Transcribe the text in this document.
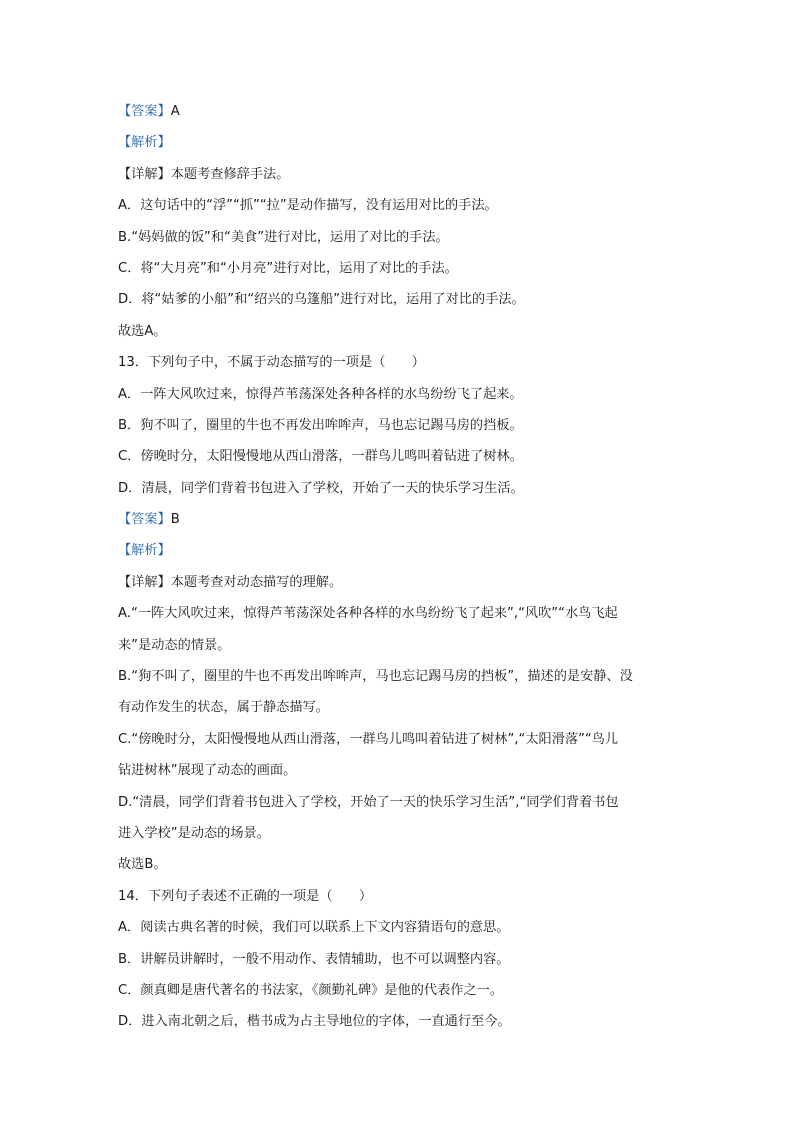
【答案】A
【解析】
【详解】本题考查修辞手法。
A．这句话中的“浮”“抓”“拉”是动作描写，没有运用对比的手法。
B.“妈妈做的饭”和“美食”进行对比，运用了对比的手法。
C．将“大月亮”和“小月亮”进行对比，运用了对比的手法。
D．将“姑爹的小船”和“绍兴的乌篷船”进行对比，运用了对比的手法。
故选A。
13．下列句子中，不属于动态描写的一项是（　　）
A．一阵大风吹过来，惊得芦苇荡深处各种各样的水鸟纷纷飞了起来。
B．狗不叫了，圈里的牛也不再发出哞哞声，马也忘记踢马房的挡板。
C．傍晚时分，太阳慢慢地从西山滑落，一群鸟儿鸣叫着钻进了树林。
D．清晨，同学们背着书包进入了学校，开始了一天的快乐学习生活。
【答案】B
【解析】
【详解】本题考查对动态描写的理解。
A.“一阵大风吹过来，惊得芦苇荡深处各种各样的水鸟纷纷飞了起来”,“风吹”“水鸟飞起
来”是动态的情景。
B.“狗不叫了，圈里的牛也不再发出哞哞声，马也忘记踢马房的挡板”，描述的是安静、没
有动作发生的状态，属于静态描写。
C.“傍晚时分，太阳慢慢地从西山滑落，一群鸟儿鸣叫着钻进了树林”,“太阳滑落”“鸟儿
钻进树林”展现了动态的画面。
D.“清晨，同学们背着书包进入了学校，开始了一天的快乐学习生活”,“同学们背着书包
进入学校”是动态的场景。
故选B。
14．下列句子表述不正确的一项是（　　）
A．阅读古典名著的时候，我们可以联系上下文内容猜语句的意思。
B．讲解员讲解时，一般不用动作、表情辅助，也不可以调整内容。
C．颜真卿是唐代著名的书法家，《颜勤礼碑》是他的代表作之一。
D．进入南北朝之后，楷书成为占主导地位的字体，一直通行至今。
